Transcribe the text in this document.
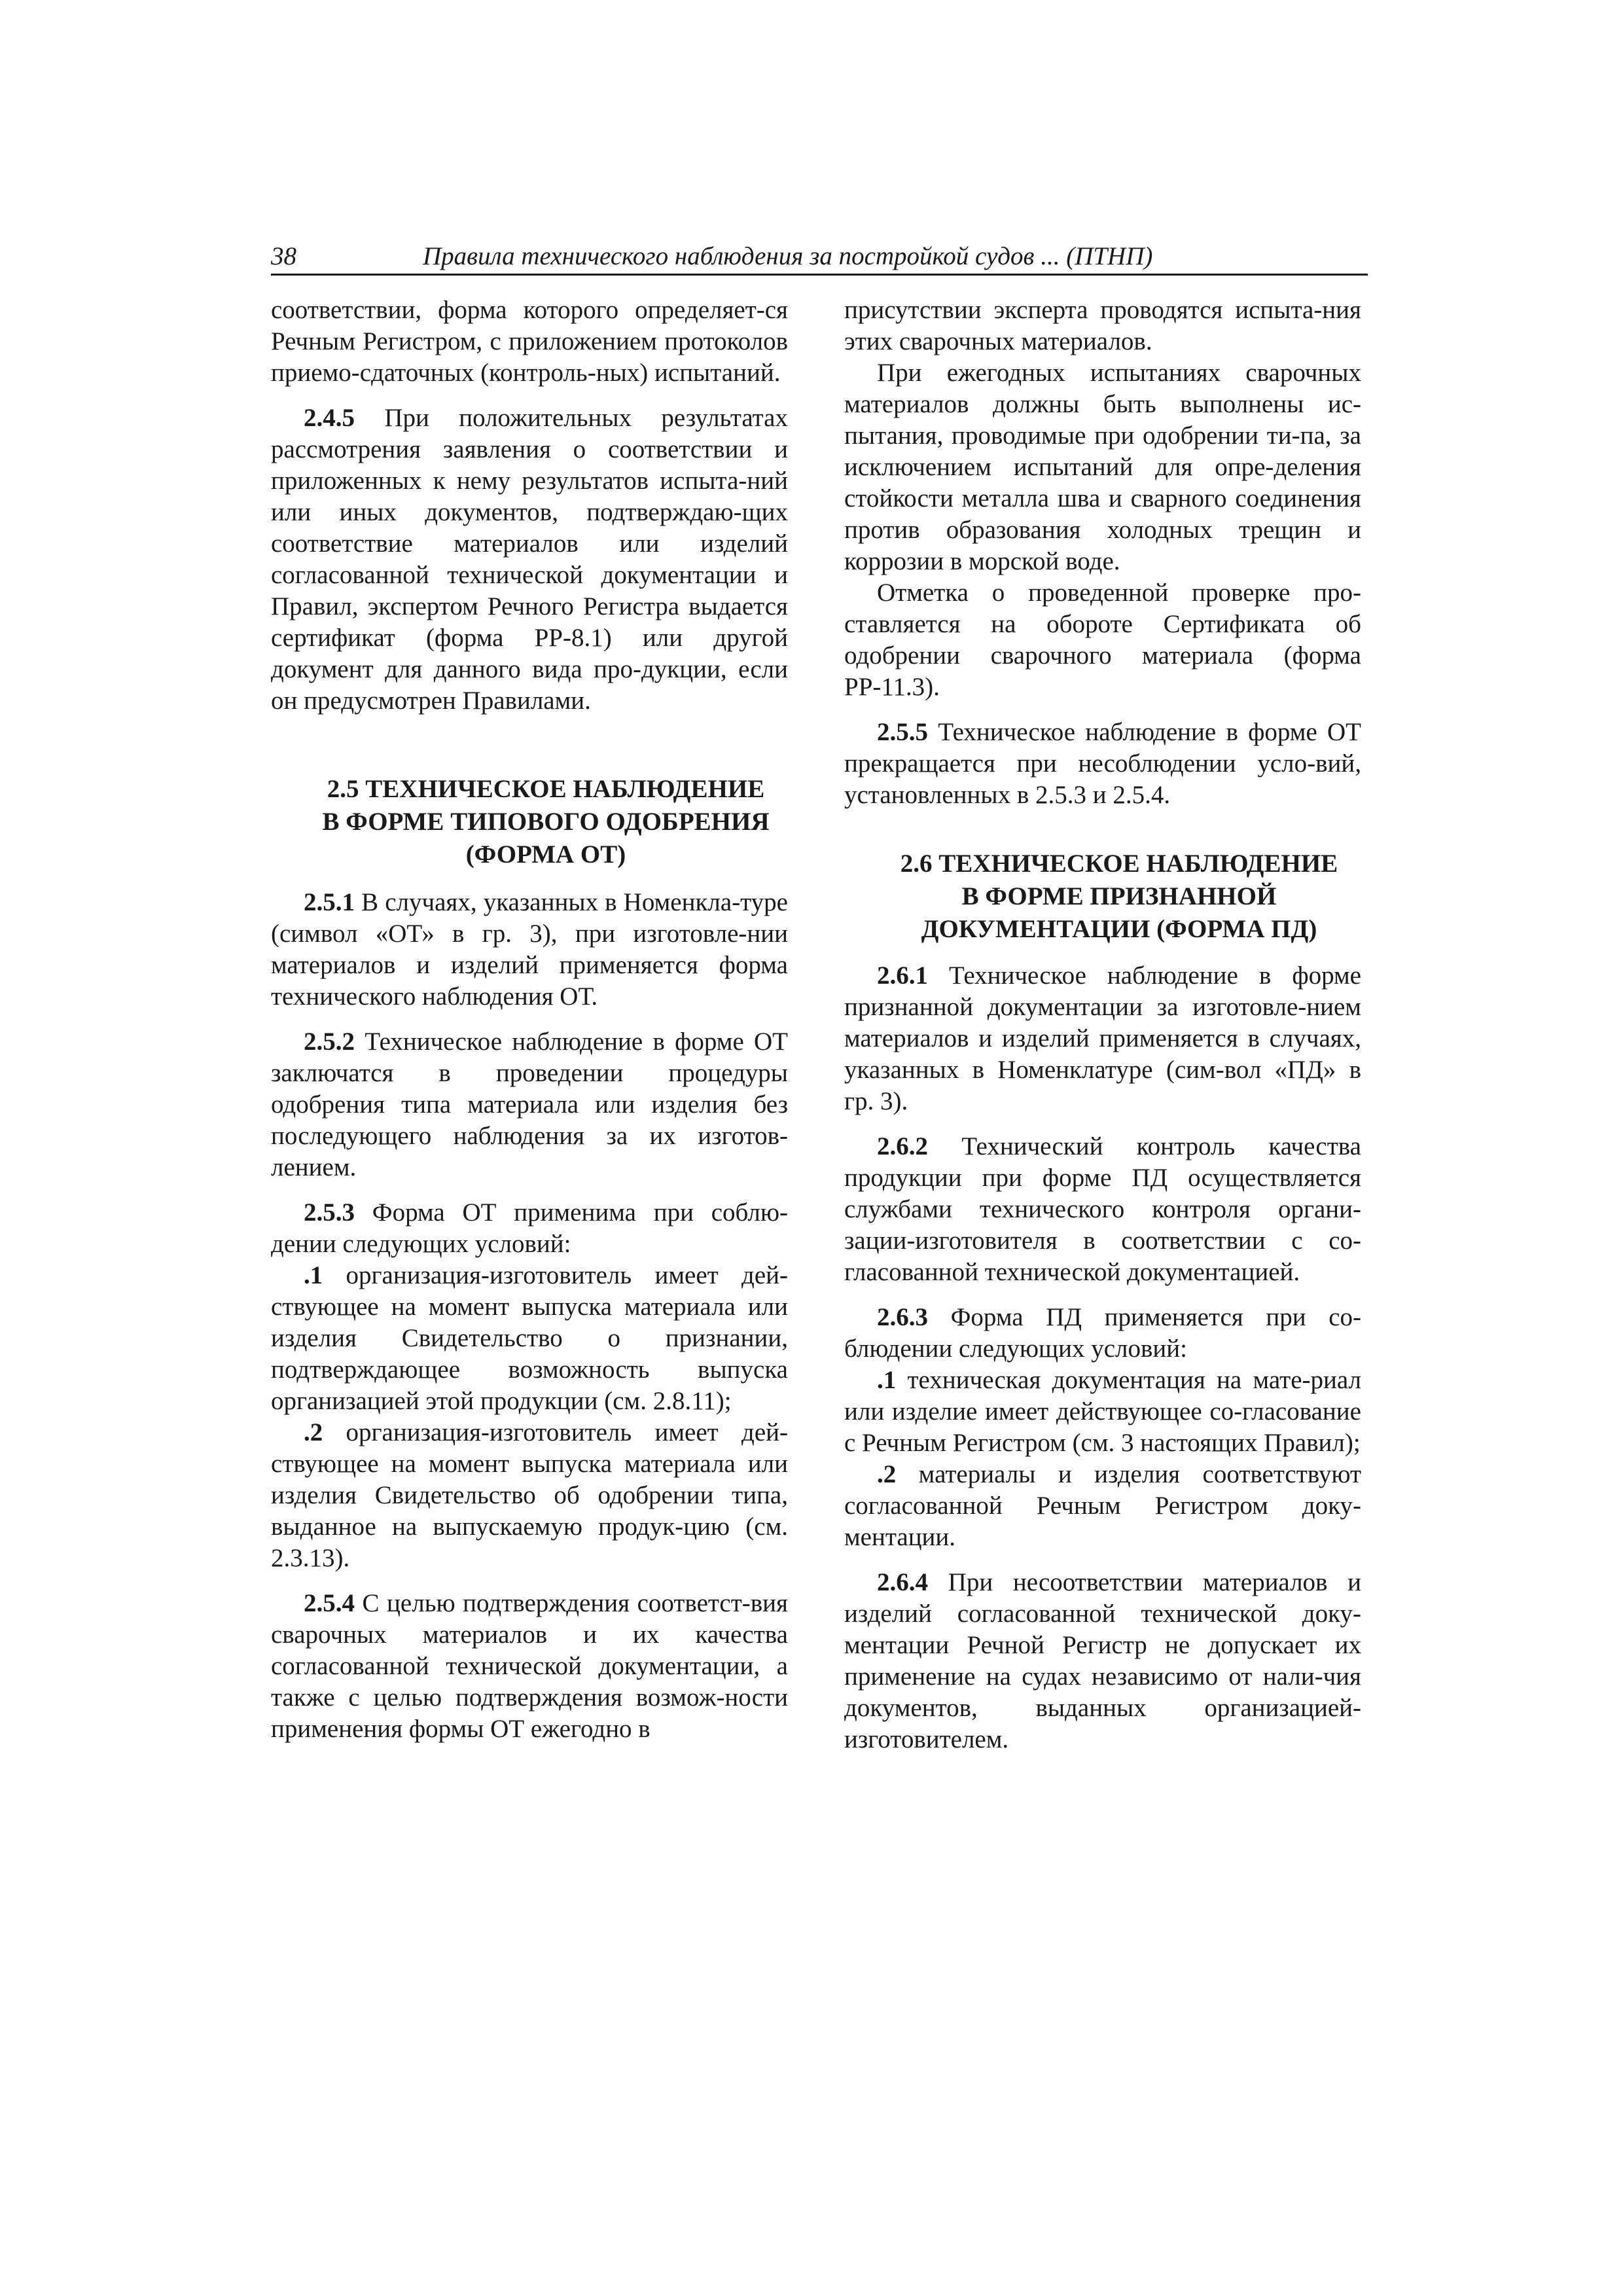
38	Правила технического наблюдения за постройкой судов ... (ПТНП)

соответствии, форма которого определяет-ся Речным Регистром, с приложением протоколов приемо-сдаточных (контроль-ных) испытаний.

2.4.5 При положительных результатах рассмотрения заявления о соответствии и приложенных к нему результатов испыта-ний или иных документов, подтверждаю-щих соответствие материалов или изделий согласованной технической документации и Правил, экспертом Речного Регистра выдается сертификат (форма РР-8.1) или другой документ для данного вида про-дукции, если он предусмотрен Правилами.

2.5 ТЕХНИЧЕСКОЕ НАБЛЮДЕНИЕ

В ФОРМЕ ТИПОВОГО ОДОБРЕНИЯ

(ФОРМА ОТ)

2.5.1 В случаях, указанных в Номенкла-туре (символ «ОТ» в гр. 3), при изготовле-нии материалов и изделий применяется форма технического наблюдения ОТ.

2.5.2 Техническое наблюдение в форме ОТ заключатся в проведении процедуры одобрения типа материала или изделия без последующего наблюдения за их изготов-лением.

2.5.3 Форма ОТ применима при соблю-дении следующих условий:

.1 организация-изготовитель имеет дей-ствующее на момент выпуска материала или изделия Свидетельство о признании, подтверждающее возможность выпуска организацией этой продукции (см. 2.8.11);

.2 организация-изготовитель имеет дей-ствующее на момент выпуска материала или изделия Свидетельство об одобрении типа, выданное на выпускаемую продук-цию (см. 2.3.13).

2.5.4 С целью подтверждения соответст-вия сварочных материалов и их качества согласованной технической документации, а также с целью подтверждения возмож-ности применения формы ОТ ежегодно в

присутствии эксперта проводятся испыта-ния этих сварочных материалов.

При ежегодных испытаниях сварочных материалов должны быть выполнены ис-пытания, проводимые при одобрении ти-па, за исключением испытаний для опре-деления стойкости металла шва и сварного соединения против образования холодных трещин и коррозии в морской воде.

Отметка о проведенной проверке про-ставляется на обороте Сертификата об одобрении сварочного материала (форма РР-11.3).

2.5.5 Техническое наблюдение в форме ОТ прекращается при несоблюдении усло-вий, установленных в 2.5.3 и 2.5.4.

2.6 ТЕХНИЧЕСКОЕ НАБЛЮДЕНИЕ

В ФОРМЕ ПРИЗНАННОЙ

ДОКУМЕНТАЦИИ (ФОРМА ПД)

2.6.1 Техническое наблюдение в форме признанной документации за изготовле-нием материалов и изделий применяется в случаях, указанных в Номенклатуре (сим-вол «ПД» в гр. 3).

2.6.2 Технический контроль качества продукции при форме ПД осуществляется службами технического контроля органи-зации-изготовителя в соответствии с со-гласованной технической документацией.

2.6.3 Форма ПД применяется при со-блюдении следующих условий:

.1 техническая документация на мате-риал или изделие имеет действующее со-гласование с Речным Регистром (см. 3 настоящих Правил);

.2 материалы и изделия соответствуют согласованной Речным Регистром доку-ментации.

2.6.4 При несоответствии материалов и изделий согласованной технической доку-ментации Речной Регистр не допускает их применение на судах независимо от нали-чия документов, выданных организацией-изготовителем.
